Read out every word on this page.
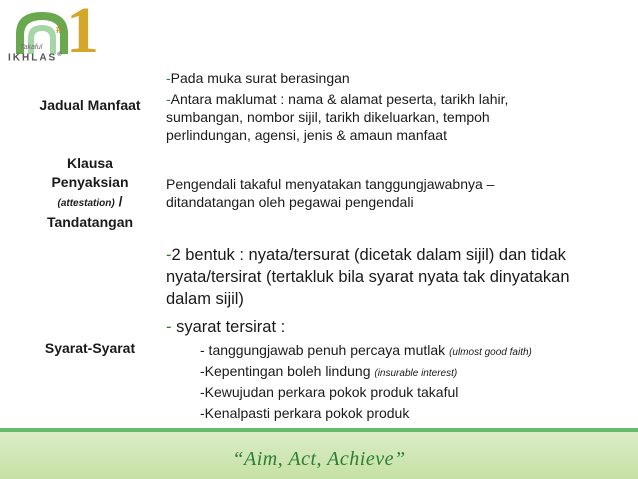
# 1
Takaful
IKHLAS®
Jadual Manfaat
-Pada muka surat berasingan
-Antara maklumat : nama & alamat peserta, tarikh lahir, sumbangan, nombor sijil, tarikh dikeluarkan, tempoh perlindungan, agensi, jenis & amaun manfaat
Klausa
Penyaksian
(attestation) /
Tandatangan
Pengendali takaful menyatakan tanggungjawabnya – ditandatangan oleh pegawai pengendali
Syarat-Syarat
-2 bentuk : nyata/tersurat (dicetak dalam sijil) dan tidak nyata/tersirat (tertakluk bila syarat nyata tak dinyatakan dalam sijil)
- syarat tersirat :
- tanggungjawab penuh percaya mutlak (ulmost good faith)
-Kepentingan boleh lindung (insurable interest)
-Kewujudan perkara pokok produk takaful
-Kenalpasti perkara pokok produk
“Aim, Act, Achieve”
